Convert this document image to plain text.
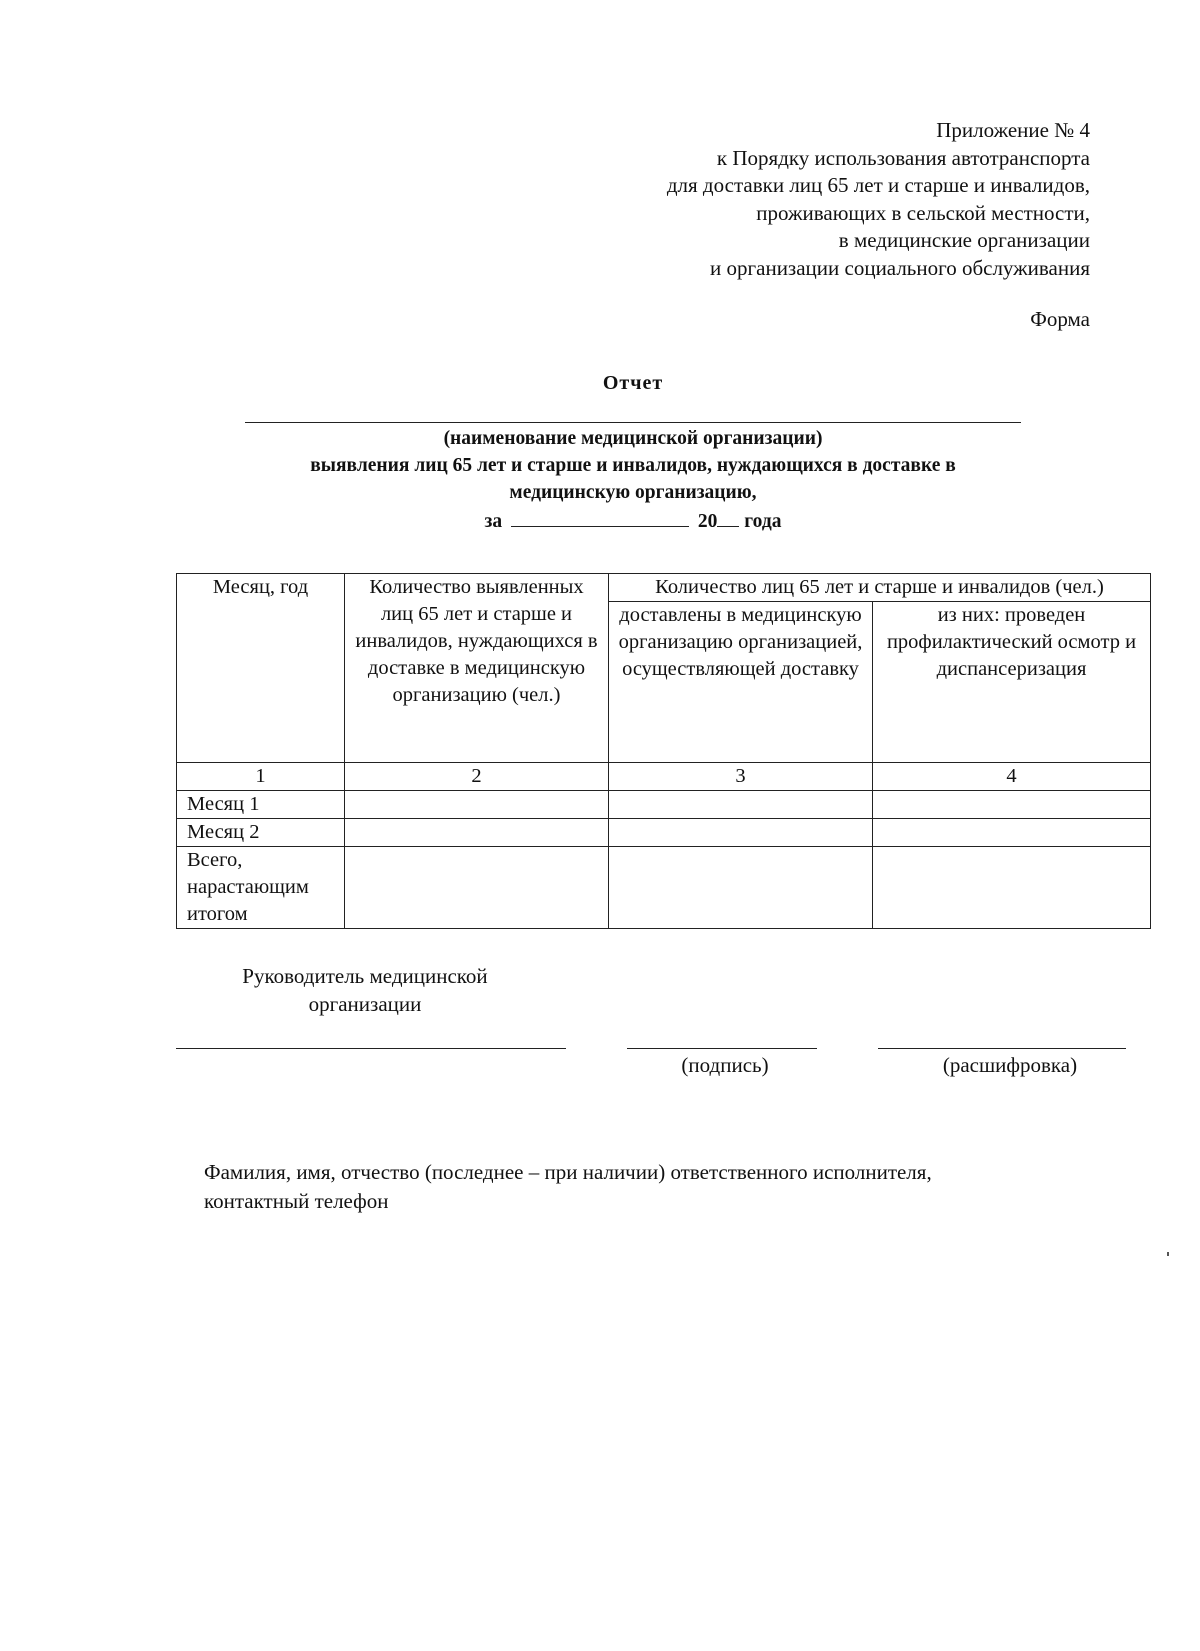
Приложение № 4
к Порядку использования автотранспорта
для доставки лиц 65 лет и старше и инвалидов,
проживающих в сельской местности,
в медицинские организации
и организации социального обслуживания
Форма
Отчет
(наименование медицинской организации)
выявления лиц 65 лет и старше и инвалидов, нуждающихся в доставке в
медицинскую организацию,
за	20 года
Месяц, год	Количество выявленных лиц 65 лет и старше и инвалидов, нуждающихся в доставке в медицинскую организацию (чел.)	Количество лиц 65 лет и старше и инвалидов (чел.)	
		доставлены в медицинскую организацию организацией, осуществляющей доставку	из них: проведен профилактический осмотр и диспансеризация
1	2	3	4
Месяц 1			
Месяц 2			
Всего, нарастающим итогом			
Руководитель медицинской организации
(подпись)	(расшифровка)
Фамилия, имя, отчество (последнее – при наличии) ответственного исполнителя,
контактный телефон
